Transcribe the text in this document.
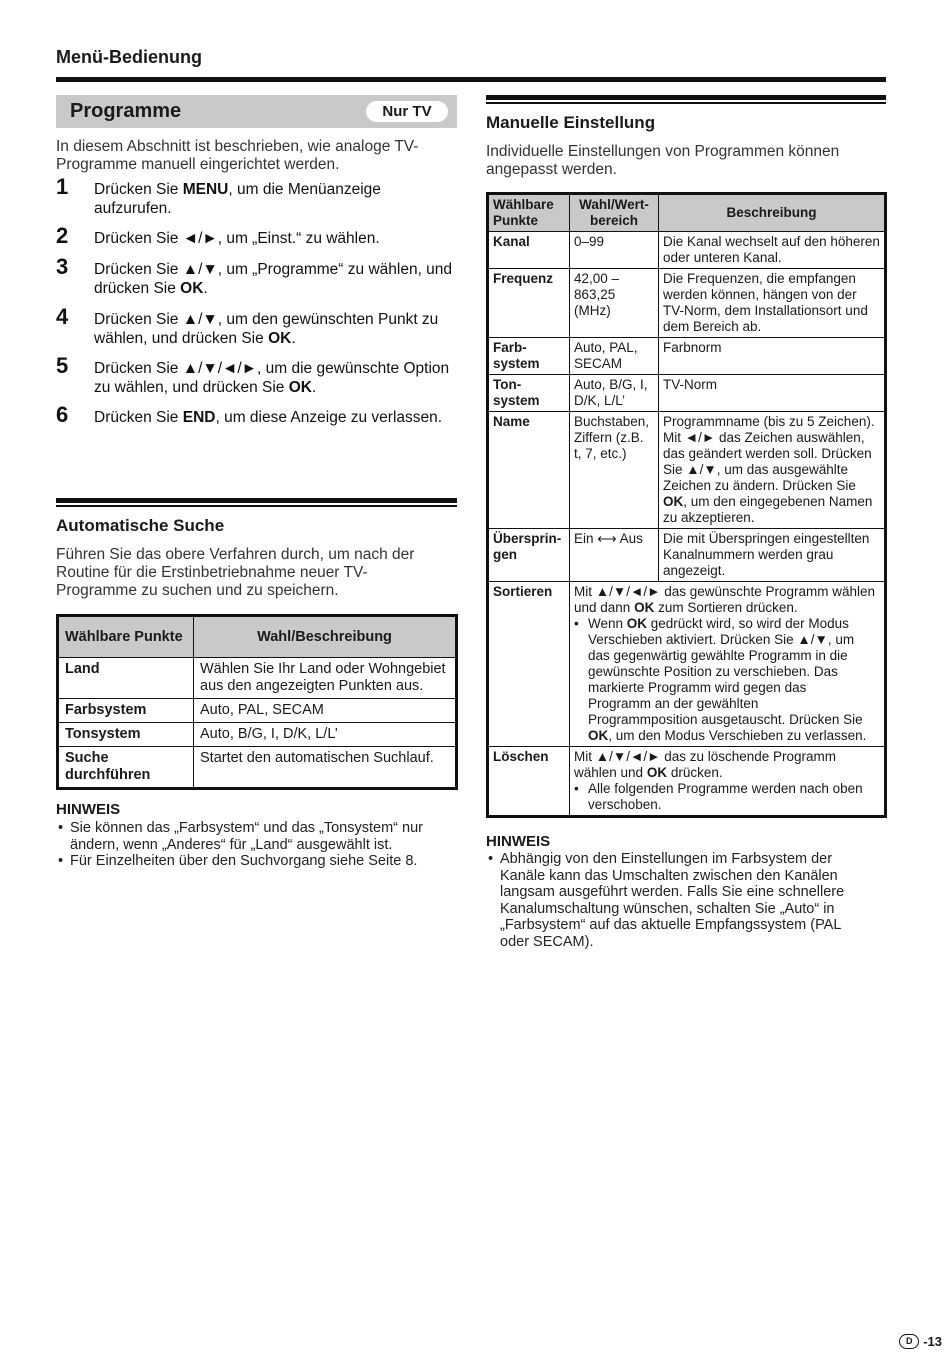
Menü-Bedienung
Programme	Nur TV
In diesem Abschnitt ist beschrieben, wie analoge TV-Programme manuell eingerichtet werden.
1 Drücken Sie MENU, um die Menüanzeige aufzurufen.
2 Drücken Sie ◄/►, um „Einst.“ zu wählen.
3 Drücken Sie ▲/▼, um „Programme“ zu wählen, und drücken Sie OK.
4 Drücken Sie ▲/▼, um den gewünschten Punkt zu wählen, und drücken Sie OK.
5 Drücken Sie ▲/▼/◄/►, um die gewünschte Option zu wählen, und drücken Sie OK.
6 Drücken Sie END, um diese Anzeige zu verlassen.
Automatische Suche
Führen Sie das obere Verfahren durch, um nach der Routine für die Erstinbetriebnahme neuer TV-Programme zu suchen und zu speichern.
Wählbare Punkte	Wahl/Beschreibung
Land	Wählen Sie Ihr Land oder Wohngebiet aus den angezeigten Punkten aus.
Farbsystem	Auto, PAL, SECAM
Tonsystem	Auto, B/G, I, D/K, L/L’
Suche durchführen	Startet den automatischen Suchlauf.
HINWEIS
• Sie können das „Farbsystem“ und das „Tonsystem“ nur ändern, wenn „Anderes“ für „Land“ ausgewählt ist.
• Für Einzelheiten über den Suchvorgang siehe Seite 8.
Manuelle Einstellung
Individuelle Einstellungen von Programmen können angepasst werden.
Wählbare Punkte	Wahl/Wert-bereich	Beschreibung
Kanal	0–99	Die Kanal wechselt auf den höheren oder unteren Kanal.
Frequenz	42,00 – 863,25 (MHz)	Die Frequenzen, die empfangen werden können, hängen von der TV-Norm, dem Installationsort und dem Bereich ab.
Farb-system	Auto, PAL, SECAM	Farbnorm
Ton-system	Auto, B/G, I, D/K, L/L’	TV-Norm
Name	Buchstaben, Ziffern (z.B. t, 7, etc.)	Programmname (bis zu 5 Zeichen). Mit ◄/► das Zeichen auswählen, das geändert werden soll. Drücken Sie ▲/▼, um das ausgewählte Zeichen zu ändern. Drücken Sie OK, um den eingegebenen Namen zu akzeptieren.
Übersprin-gen	Ein ⟷ Aus	Die mit Überspringen eingestellten Kanalnummern werden grau angezeigt.
Sortieren	Mit ▲/▼/◄/► das gewünschte Programm wählen und dann OK zum Sortieren drücken.
• Wenn OK gedrückt wird, so wird der Modus Verschieben aktiviert. Drücken Sie ▲/▼, um das gegenwärtig gewählte Programm in die gewünschte Position zu verschieben. Das markierte Programm wird gegen das Programm an der gewählten Programmposition ausgetauscht. Drücken Sie OK, um den Modus Verschieben zu verlassen.

Löschen	Mit ▲/▼/◄/► das zu löschende Programm wählen und OK drücken.
• Alle folgenden Programme werden nach oben verschoben.
HINWEIS
• Abhängig von den Einstellungen im Farbsystem der Kanäle kann das Umschalten zwischen den Kanälen langsam ausgeführt werden. Falls Sie eine schnellere Kanalumschaltung wünschen, schalten Sie „Auto“ in „Farbsystem“ auf das aktuelle Empfangssystem (PAL oder SECAM).
D -13
